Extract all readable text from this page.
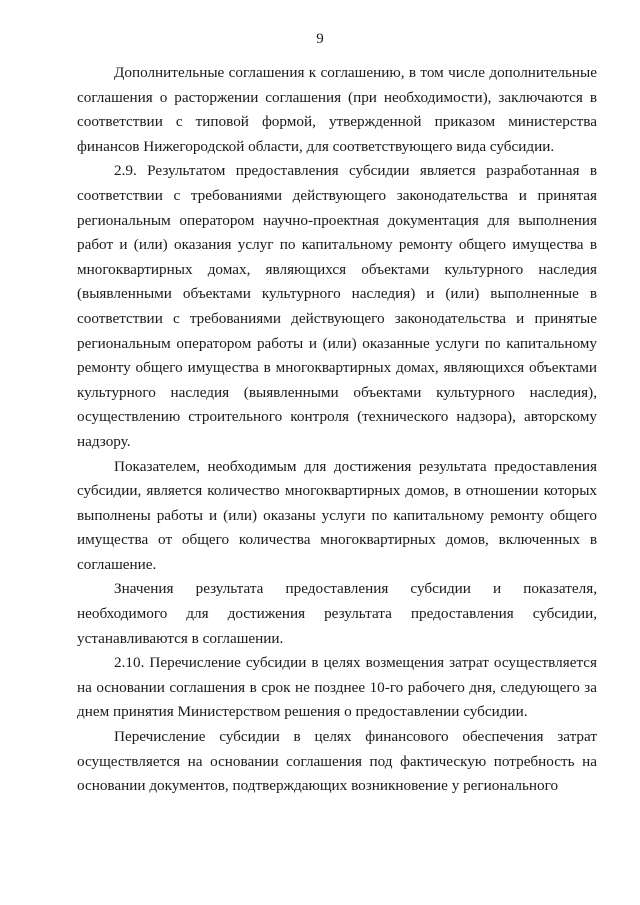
9

Дополнительные соглашения к соглашению, в том числе дополнительные соглашения о расторжении соглашения (при необходимости), заключаются в соответствии с типовой формой, утвержденной приказом министерства финансов Нижегородской области, для соответствующего вида субсидии.

2.9. Результатом предоставления субсидии является разработанная в соответствии с требованиями действующего законодательства и принятая региональным оператором научно-проектная документация для выполнения работ и (или) оказания услуг по капитальному ремонту общего имущества в многоквартирных домах, являющихся объектами культурного наследия (выявленными объектами культурного наследия) и (или) выполненные в соответствии с требованиями действующего законодательства и принятые региональным оператором работы и (или) оказанные услуги по капитальному ремонту общего имущества в многоквартирных домах, являющихся объектами культурного наследия (выявленными объектами культурного наследия), осуществлению строительного контроля (технического надзора), авторскому надзору.

Показателем, необходимым для достижения результата предоставления субсидии, является количество многоквартирных домов, в отношении которых выполнены работы и (или) оказаны услуги по капитальному ремонту общего имущества от общего количества многоквартирных домов, включенных в соглашение.

Значения результата предоставления субсидии и показателя, необходимого для достижения результата предоставления субсидии, устанавливаются в соглашении.

2.10. Перечисление субсидии в целях возмещения затрат осуществляется на основании соглашения в срок не позднее 10-го рабочего дня, следующего за днем принятия Министерством решения о предоставлении субсидии.

Перечисление субсидии в целях финансового обеспечения затрат осуществляется на основании соглашения под фактическую потребность на основании документов, подтверждающих возникновение у регионального
